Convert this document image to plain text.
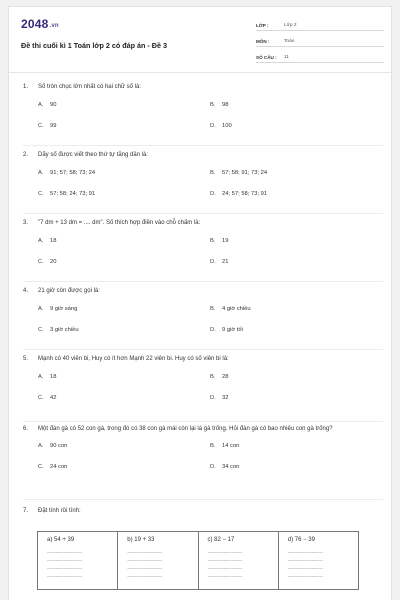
2048.vn
Đề thi cuối kì 1 Toán lớp 2 có đáp án - Đề 3
LỚP :	Lớp 2
MÔN :	Toán
SỐ CÂU :	11
1.	Số tròn chục lớn nhất có hai chữ số là:
A. 90	B. 98
C. 99	D. 100
2.	Dãy số được viết theo thứ tự tăng dần là:
A. 91; 57; 58; 73; 24	B. 57; 58; 91; 73; 24
C. 57; 58; 24; 73; 91	D. 24; 57; 58; 73; 91
3.	"7 dm + 13 dm = .... dm". Số thích hợp điền vào chỗ chấm là:
A. 18	B. 19
C. 20	D. 21
4.	21 giờ còn được gọi là:
A. 9 giờ sáng	B. 4 giờ chiều
C. 3 giờ chiều	D. 9 giờ tối
5.	Mạnh có 40 viên bi, Huy có ít hơn Mạnh 22 viên bi. Huy có số viên bi là:
A. 18	B. 28
C. 42	D. 32
6.	Một đàn gà có 52 con gà, trong đó có 38 con gà mái còn lại là gà trống. Hỏi đàn gà có bao nhiêu con gà trống?
A. 90 con	B. 14 con
C. 24 con	D. 34 con
7.	Đặt tính rồi tính:
a) 54 + 39
................................
................................
................................
................................
b) 19 + 33
................................
................................
................................
................................
c) 82 − 17
................................
................................
................................
................................
d) 76 − 39
................................
................................
................................
................................
